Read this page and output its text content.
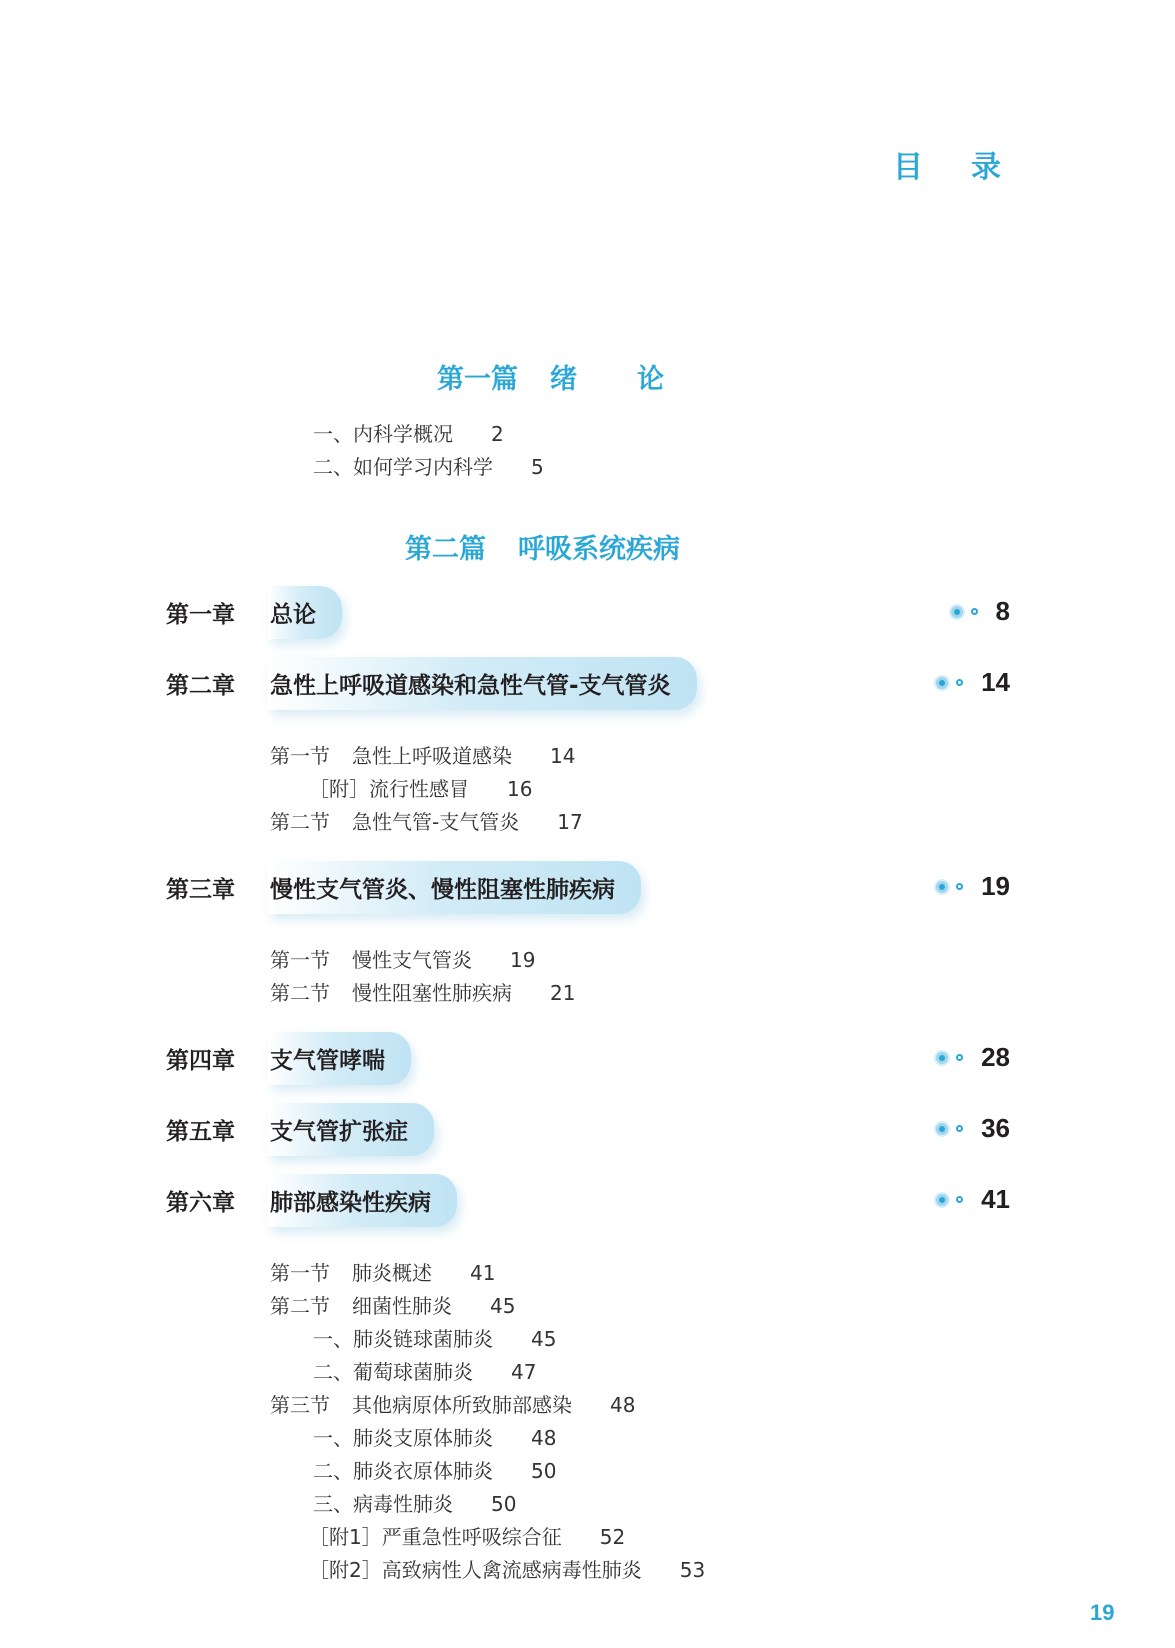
目录
第一篇 绪论
一、内科学概况 2
二、如何学习内科学 5
第二篇 呼吸系统疾病
第一章	总论	8
第二章	急性上呼吸道感染和急性气管-支气管炎	14
第一节 急性上呼吸道感染 14
［附］流行性感冒 16
第二节 急性气管-支气管炎 17
第三章	慢性支气管炎、慢性阻塞性肺疾病	19
第一节 慢性支气管炎 19
第二节 慢性阻塞性肺疾病 21
第四章	支气管哮喘	28
第五章	支气管扩张症	36
第六章	肺部感染性疾病	41
第一节 肺炎概述 41
第二节 细菌性肺炎 45
一、肺炎链球菌肺炎 45
二、葡萄球菌肺炎 47
第三节 其他病原体所致肺部感染 48
一、肺炎支原体肺炎 48
二、肺炎衣原体肺炎 50
三、病毒性肺炎 50
［附1］严重急性呼吸综合征 52
［附2］高致病性人禽流感病毒性肺炎 53
19
